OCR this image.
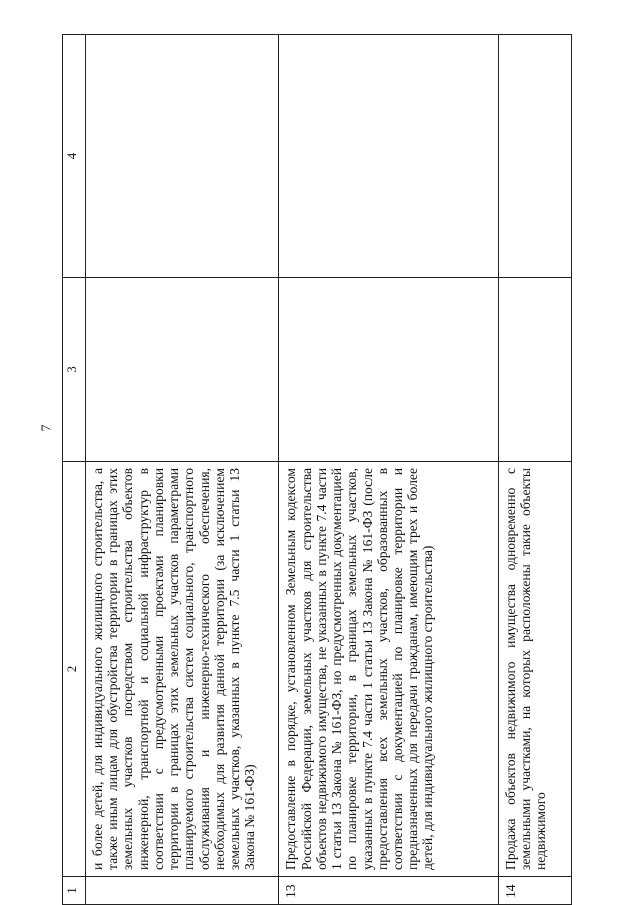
7
1	2	3	4

	и более детей, для индивидуального жилищного строительства, а также иным лицам для обустройства территории в границах этих земельных участков посредством строительства объектов инженерной, транспортной и социальной инфраструктур в соответствии с предусмотренными проектами планировки территории в границах этих земельных участков параметрами планируемого строительства систем социального, транспортного обслуживания и инженерно-технического обеспечения, необходимых для развития данной территории (за исключением земельных участков, указанных в пункте 7.5 части 1 статьи 13 Закона № 161-ФЗ)		

13	Предоставление в порядке, установленном Земельным кодексом Российской Федерации, земельных участков для строительства объектов недвижимого имущества, не указанных в пункте 7.4 части 1 статьи 13 Закона № 161-ФЗ, но предусмотренных документацией по планировке территории, в границах земельных участков, указанных в пункте 7.4 части 1 статьи 13 Закона № 161-ФЗ (после предоставления всех земельных участков, образованных в соответствии с документацией по планировке территории и предназначенных для передачи гражданам, имеющим трех и более детей, для индивидуального жилищного строительства)		

14	Продажа объектов недвижимого имущества одновременно с земельными участками, на которых расположены такие объекты недвижимого		
